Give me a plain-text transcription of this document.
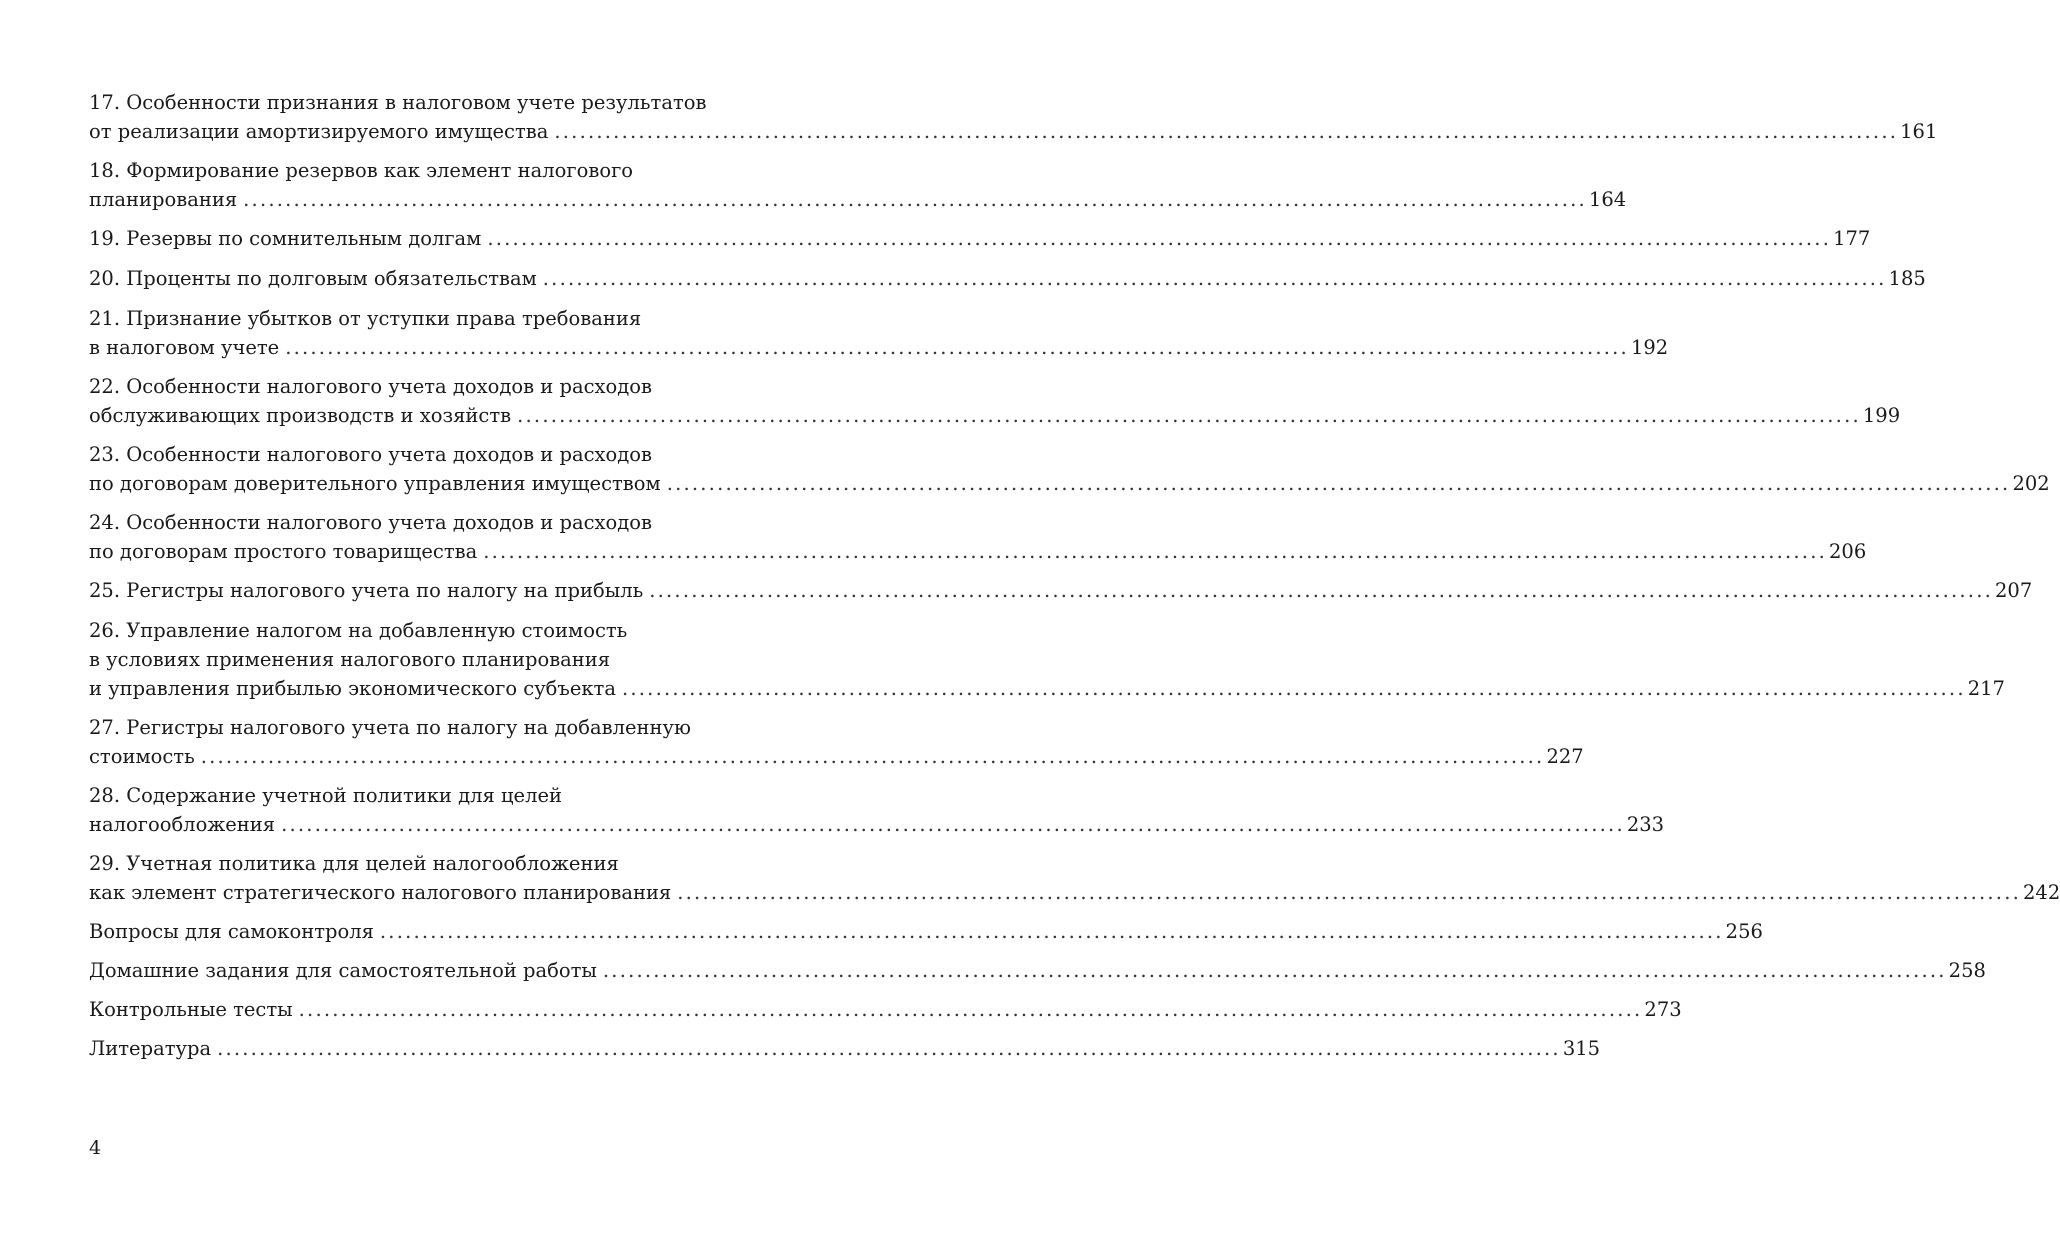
17. Особенности признания в налоговом учете результатов
от реализации амортизируемого имущества ................................................................................................................................................................ 161
18. Формирование резервов как элемент налогового
планирования ................................................................................................................................................................ 164
19. Резервы по сомнительным долгам ................................................................................................................................................................ 177
20. Проценты по долговым обязательствам ................................................................................................................................................................ 185
21. Признание убытков от уступки права требования
в налоговом учете ................................................................................................................................................................ 192
22. Особенности налогового учета доходов и расходов
обслуживающих производств и хозяйств ................................................................................................................................................................ 199
23. Особенности налогового учета доходов и расходов
по договорам доверительного управления имуществом ................................................................................................................................................................ 202
24. Особенности налогового учета доходов и расходов
по договорам простого товарищества ................................................................................................................................................................ 206
25. Регистры налогового учета по налогу на прибыль ................................................................................................................................................................ 207
26. Управление налогом на добавленную стоимость
в условиях применения налогового планирования
и управления прибылью экономического субъекта ................................................................................................................................................................ 217
27. Регистры налогового учета по налогу на добавленную
стоимость ................................................................................................................................................................ 227
28. Содержание учетной политики для целей
налогообложения ................................................................................................................................................................ 233
29. Учетная политика для целей налогообложения
как элемент стратегического налогового планирования ................................................................................................................................................................ 242
Вопросы для самоконтроля ................................................................................................................................................................ 256
Домашние задания для самостоятельной работы ................................................................................................................................................................ 258
Контрольные тесты ................................................................................................................................................................ 273
Литература ................................................................................................................................................................ 315
4
